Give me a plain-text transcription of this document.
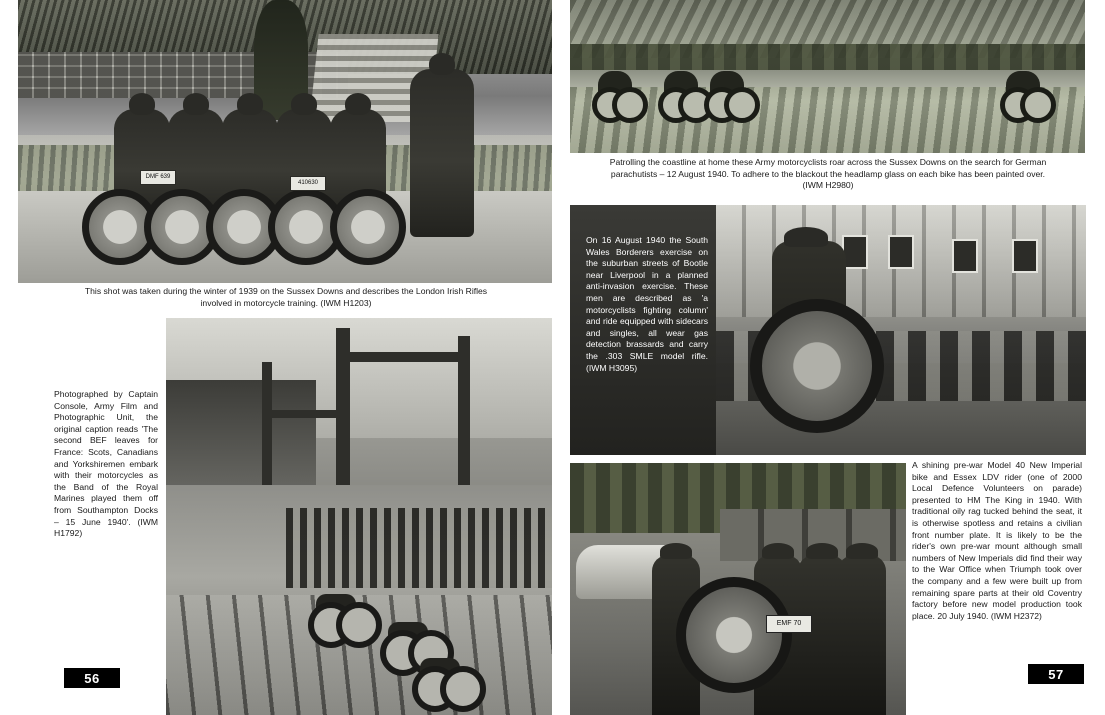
DMF 639
410630
This shot was taken during the winter of 1939 on the Sussex Downs and describes the London Irish Rifles involved in motorcycle training. (IWM H1203)
Photographed by Captain Console, Army Film and Photographic Unit, the original caption reads 'The second BEF leaves for France: Scots, Canadians and Yorkshiremen embark with their motorcycles as the Band of the Royal Marines played them off from Southampton Docks – 15 June 1940'. (IWM H1792)
56
Patrolling the coastline at home these Army motorcyclists roar across the Sussex Downs on the search for German parachutists – 12 August 1940. To adhere to the blackout the headlamp glass on each bike has been painted over. (IWM H2980)
On 16 August 1940 the South Wales Borderers exercise on the suburban streets of Bootle near Liverpool in a planned anti-invasion exercise. These men are described as 'a motorcyclists fighting column' and ride equipped with sidecars and singles, all wear gas detection brassards and carry the .303 SMLE model rifle. (IWM H3095)
EMF 70
A shining pre-war Model 40 New Imperial bike and Essex LDV rider (one of 2000 Local Defence Volunteers on parade) presented to HM The King in 1940. With traditional oily rag tucked behind the seat, it is otherwise spotless and retains a civilian front number plate. It is likely to be the rider's own pre-war mount although small numbers of New Imperials did find their way to the War Office when Triumph took over the company and a few were built up from remaining spare parts at their old Coventry factory before new model production took place. 20 July 1940. (IWM H2372)
57
